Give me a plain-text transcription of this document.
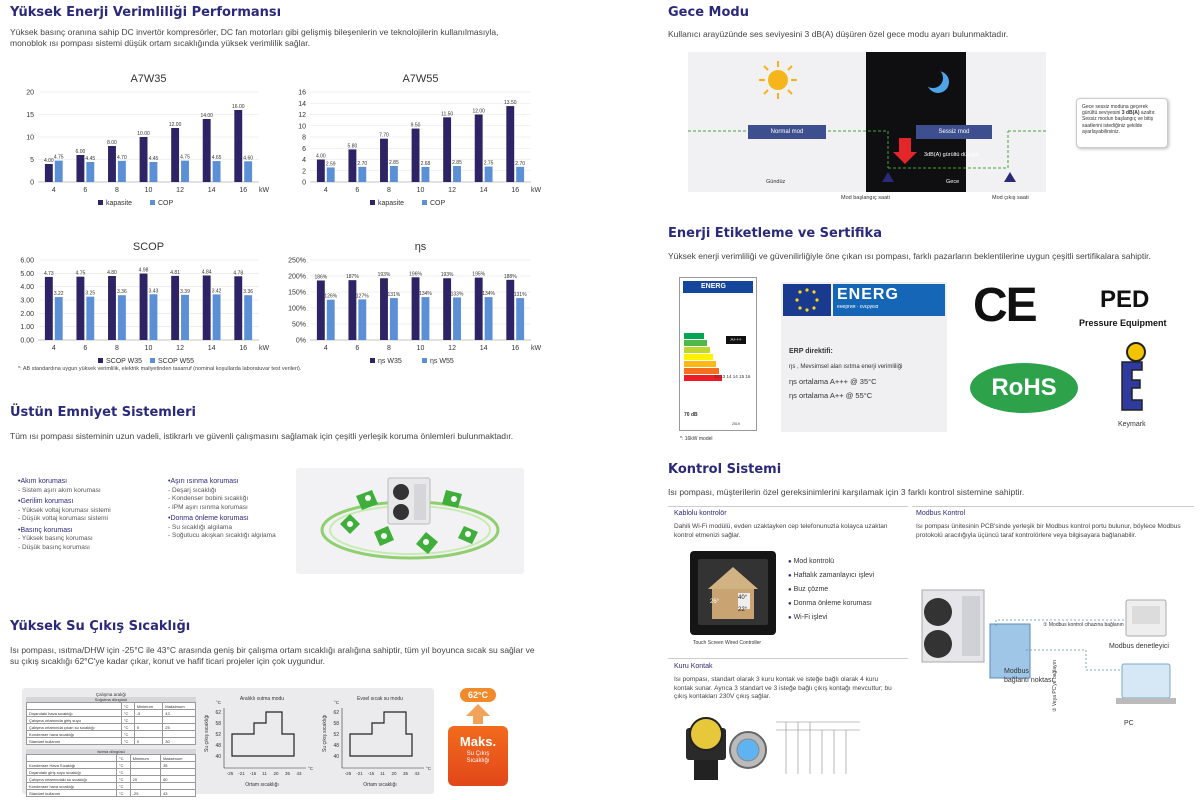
Yüksek Enerji Verimliliği Performansı
Yüksek basınç oranına sahip DC invertör kompresörler, DC fan motorları gibi gelişmiş bileşenlerin ve teknolojilerin kullanılmasıyla, monoblok ısı pompası sistemi düşük ortam sıcaklığında yüksek verimlilik sağlar.
A7W35
0
5
10
15
20
4.00
4.75
4
6.00
4.45
6
8.00
4.70
8
10.00
4.45
10
12.00
4.75
12
14.00
4.65
14
16.00
4.60
16 kW
kapasite	COP
A7W55
0
2
4
6
8
10
12
14
16
4.00
2.59
4
5.80
2.70
6
7.70
2.85
8
9.50
2.68
10
11.50
2.85
12
12.00
2.75
14
13.50
2.70
16 kW
kapasite	COP
SCOP
0.00
1.00
2.00
3.00
4.00
5.00
6.00
4.73
3.22
4
4.75
3.25
6
4.80
3.36
8
4.98
3.43
10
4.81
3.39
12
4.84
3.42
14
4.78
3.36
16 kW
SCOP W35 SCOP W55
ηs
0%
50%
100%
150%
200%
250%
186%
126%
4
187%
127%
6
193%
131%
8
196%
134%
10
193%
133%
12
195%
134%
14
188%
131%
16 kW
ηs W35	ηs W55
*: AB standardına uygun yüksek verimlilik, elektrik maliyetinden tasarruf (nominal koşullarda laboratuvar test verileri).
Üstün Emniyet Sistemleri
Tüm ısı pompası sisteminin uzun vadeli, istikrarlı ve güvenli çalışmasını sağlamak için çeşitli yerleşik koruma önlemleri bulunmaktadır.
• Akım koruması
- Sistem aşırı akım koruması
• Gerilim koruması
- Yüksek voltaj koruması sistemi
- Düşük voltaj koruması sistemi
• Basınç koruması
- Yüksek basınç koruması
- Düşük basınç koruması
• Aşırı ısınma koruması
- Deşarj sıcaklığı
- Kondenser bobini sıcaklığı
- IPM aşırı ısınma koruması
• Donma önleme koruması
- Su sıcaklığı algılama
- Soğutucu akışkan sıcaklığı algılama
Yüksek Su Çıkış Sıcaklığı
Isı pompası, ısıtma/DHW için -25°C ile 43°C arasında geniş bir çalışma ortam sıcaklığı aralığına sahiptir, tüm yıl boyunca sıcak su sağlar ve su çıkış sıcaklığı 62°C'ye kadar çıkar, konut ve hafif ticari projeler için çok uygundur.
Çalışma aralığı
Soğutma döngüsü
	°C	Minimum	Maksimum
Dışarıdaki hava sıcaklığı	°C	-5	43
Çalışma ortamında giriş suyu	°C		
Çalışma ortamında çıkan su sıcaklığı	°C	5	25
Kondenser hava sıcaklığı	°C		
Standart kullanım	°C	0	30
Isıtma döngüsü
	°C	Minimum	Maksimum
Kondenser Hava Sıcaklığı	°C		35
Dışarıdaki giriş suyu sıcaklığı	°C		
Çalışma ortamındaki su sıcaklığı	°C	20	60
Kondenser hava sıcaklığı	°C		
Standart kullanım	°C	-25	43
Aralıklı ısıtma modu
62
58
52
48
40
-25 -21 -15 11 20 35 43
°C
°C
Su çıkış sıcaklığı
Ortam sıcaklığı
Evsel sıcak su modu
62
58
52
48
40
-25 -21 -15 11 20 35 43
°C
°C
Su çıkış sıcaklığı
Ortam sıcaklığı
62°C
Maks.
Su Çıkış Sıcaklığı
Gece Modu
Kullanıcı arayüzünde ses seviyesini 3 dB(A) düşüren özel gece modu ayarı bulunmaktadır.
Normal mod	Sessiz mod
3dB(A) gürültü düşüşü
Gündüz	Gece
Mod başlangıç saati	Mod çıkış saati
Gece sessiz moduna geçerek gürültü seviyesini 3 dB(A) azaltır. Sessiz modun başlangıç ve bitiş saatlerini istediğiniz şekilde ayarlayabilirsiniz.
Enerji Etiketleme ve Sertifika
Yüksek enerji verimliliği ve güvenilirliğiyle öne çıkan ısı pompası, farklı pazarların beklentilerine uygun çeşitli sertifikalara sahiptir.
ENERG
12 13 14 14 15 16
A+++
70 dB
2019
*: 16kW model
ENERG
енергия · ενεργεια
ERP direktifi:
ηs , Mevsimsel alan ısıtma enerji verimliliği
ηs ortalama A+++ @ 35°C
ηs ortalama A++ @ 55°C
CE	PED
Pressure Equipment
RoHS
Keymark
Kontrol Sistemi
Isı pompası, müşterilerin özel gereksinimlerini karşılamak için 3 farklı kontrol sistemine sahiptir.
Kablolu kontrolör
Dahili Wi-Fi modülü, evden uzaktayken cep telefonunuzla kolayca uzaktan kontrol etmenizi sağlar.
26°
40°
22°
Touch Screen Wired Controller
● Mod kontrolü
● Haftalık zamanlayıcı işlevi
● Buz çözme
● Donma önleme koruması
● Wi-Fi işlevi
Kuru Kontak
Isı pompası, standart olarak 3 kuru kontak ve isteğe bağlı olarak 4 kuru kontak sunar. Ayrıca 3 standart ve 3 isteğe bağlı çıkış kontağı mevcuttur; bu çıkış kontakları 230V çıkış sağlar.
Modbus Kontrol
Isı pompası ünitesinin PCB'sinde yerleşik bir Modbus kontrol portu bulunur, böylece Modbus protokolü aracılığıyla üçüncü taraf kontrolörlere veya bilgisayara bağlanabilir.
① Modbus kontrol cihazına bağlanın
② Veya PC'ye bağlayın
Modbus denetleyici
Modbus bağlantı noktası
PC
